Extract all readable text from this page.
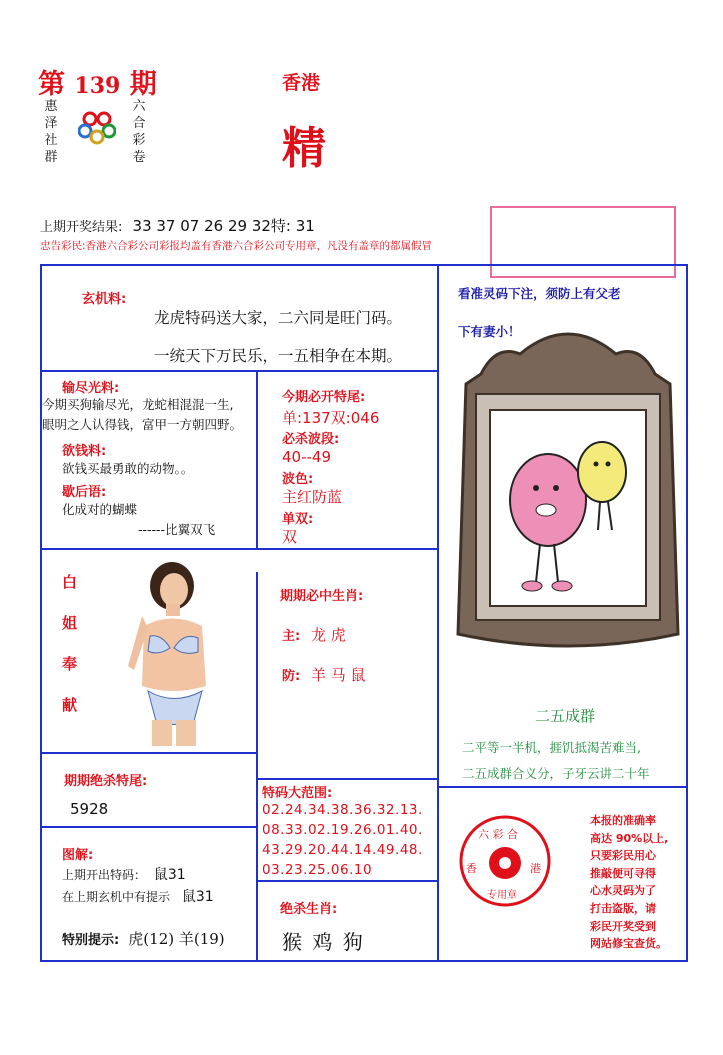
第 139 期
惠
泽
社
群
六
合
彩
卷
香港
精
上期开奖结果: 33 37 07 26 29 32特: 31
忠告彩民:香港六合彩公司彩报均盖有香港六合彩公司专用章，凡没有盖章的都属假冒
玄机料:
龙虎特码送大家，二六同是旺门码。
一统天下万民乐，一五相争在本期。
输尽光料:
今期买狗输尽光，龙蛇相混混一生,
眼明之人认得钱，富甲一方朝四野。
欲钱料:
欲钱买最勇敢的动物。。
歇后语:
化成对的蝴蝶
------比翼双飞
今期必开特尾:
单:137双:046
必杀波段:
40--49
波色:
主红防蓝
单双:
双
白
姐
奉
献
期期必中生肖:
主: 龙 虎
防: 羊 马 鼠
看准灵码下注，须防上有父老
下有妻小！
二五成群
二平等一半机，捱饥抵渴苦难当,
二五成群合义分，子牙云讲二十年
期期绝杀特尾:
5928
特码大范围:
02.24.34.38.36.32.13.
08.33.02.19.26.01.40.
43.29.20.44.14.49.48.
03.23.25.06.10
图解:
上期开出特码： 鼠31
在上期玄机中有提示 鼠31
特别提示: 虎(12) 羊(19)
绝杀生肖:
猴 鸡 狗
六 彩 合
香	港
专用章
本报的准确率
高达 90%以上,
只要彩民用心
推敲便可寻得
心水灵码为了
打击盗版，请
彩民开奖受到
网站修宝查货。
